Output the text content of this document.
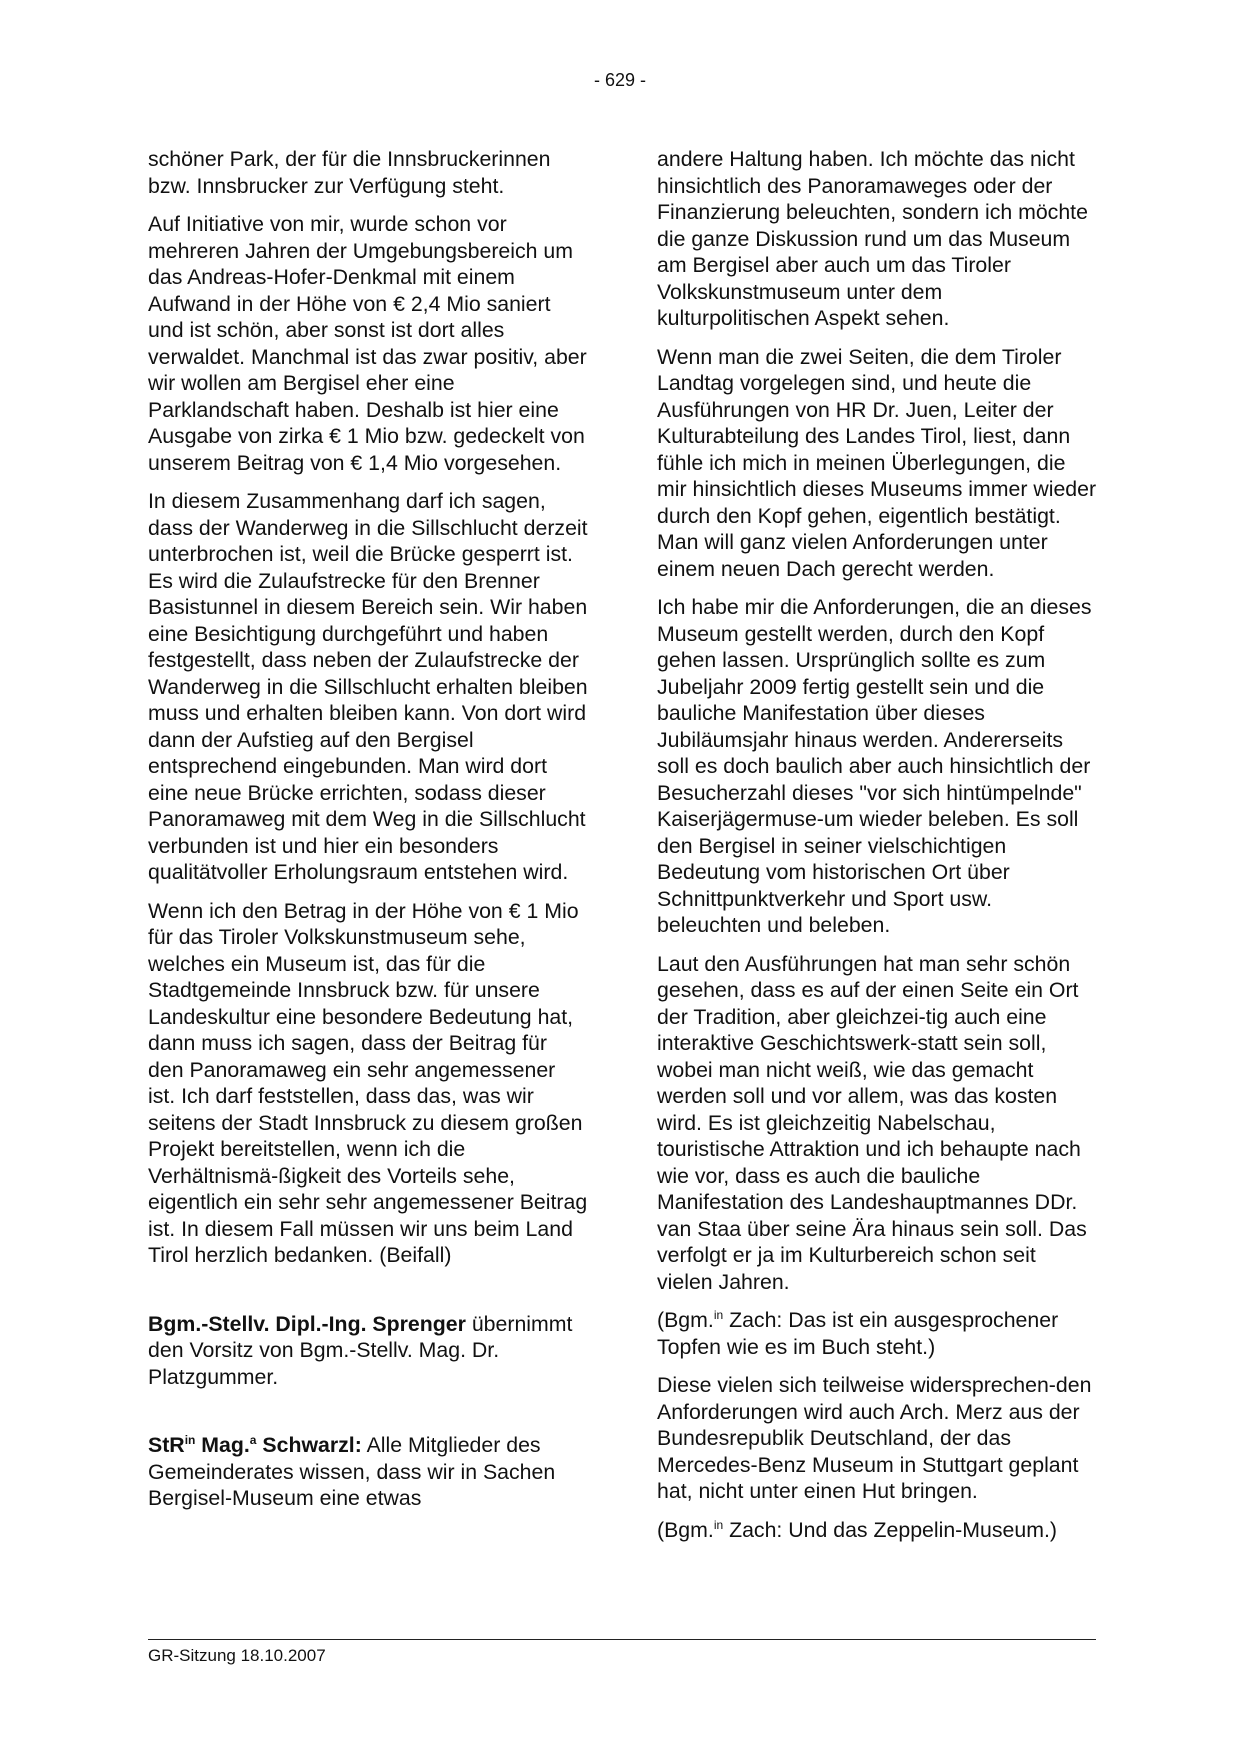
- 629 -

schöner Park, der für die Innsbruckerinnen bzw. Innsbrucker zur Verfügung steht.

Auf Initiative von mir, wurde schon vor mehreren Jahren der Umgebungsbereich um das Andreas-Hofer-Denkmal mit einem Aufwand in der Höhe von € 2,4 Mio saniert und ist schön, aber sonst ist dort alles verwaldet. Manchmal ist das zwar positiv, aber wir wollen am Bergisel eher eine Parklandschaft haben. Deshalb ist hier eine Ausgabe von zirka € 1 Mio bzw. gedeckelt von unserem Beitrag von € 1,4 Mio vorgesehen.

In diesem Zusammenhang darf ich sagen, dass der Wanderweg in die Sillschlucht derzeit unterbrochen ist, weil die Brücke gesperrt ist. Es wird die Zulaufstrecke für den Brenner Basistunnel in diesem Bereich sein. Wir haben eine Besichtigung durchgeführt und haben festgestellt, dass neben der Zulaufstrecke der Wanderweg in die Sillschlucht erhalten bleiben muss und erhalten bleiben kann. Von dort wird dann der Aufstieg auf den Bergisel entsprechend eingebunden. Man wird dort eine neue Brücke errichten, sodass dieser Panoramaweg mit dem Weg in die Sillschlucht verbunden ist und hier ein besonders qualitätvoller Erholungsraum entstehen wird.

Wenn ich den Betrag in der Höhe von € 1 Mio für das Tiroler Volkskunstmuseum sehe, welches ein Museum ist, das für die Stadtgemeinde Innsbruck bzw. für unsere Landeskultur eine besondere Bedeutung hat, dann muss ich sagen, dass der Beitrag für den Panoramaweg ein sehr angemessener ist. Ich darf feststellen, dass das, was wir seitens der Stadt Innsbruck zu diesem großen Projekt bereitstellen, wenn ich die Verhältnismä-ßigkeit des Vorteils sehe, eigentlich ein sehr sehr angemessener Beitrag ist. In diesem Fall müssen wir uns beim Land Tirol herzlich bedanken. (Beifall)

Bgm.-Stellv. Dipl.-Ing. Sprenger übernimmt den Vorsitz von Bgm.-Stellv. Mag. Dr. Platzgummer.

StR$^{in}$ Mag.$^a$ Schwarzl: Alle Mitglieder des Gemeinderates wissen, dass wir in Sachen Bergisel-Museum eine etwas

andere Haltung haben. Ich möchte das nicht hinsichtlich des Panoramaweges oder der Finanzierung beleuchten, sondern ich möchte die ganze Diskussion rund um das Museum am Bergisel aber auch um das Tiroler Volkskunstmuseum unter dem kulturpolitischen Aspekt sehen.

Wenn man die zwei Seiten, die dem Tiroler Landtag vorgelegen sind, und heute die Ausführungen von HR Dr. Juen, Leiter der Kulturabteilung des Landes Tirol, liest, dann fühle ich mich in meinen Überlegungen, die mir hinsichtlich dieses Museums immer wieder durch den Kopf gehen, eigentlich bestätigt. Man will ganz vielen Anforderungen unter einem neuen Dach gerecht werden.

Ich habe mir die Anforderungen, die an dieses Museum gestellt werden, durch den Kopf gehen lassen. Ursprünglich sollte es zum Jubeljahr 2009 fertig gestellt sein und die bauliche Manifestation über dieses Jubiläumsjahr hinaus werden. Andererseits soll es doch baulich aber auch hinsichtlich der Besucherzahl dieses "vor sich hintümpelnde" Kaiserjägermuse-um wieder beleben. Es soll den Bergisel in seiner vielschichtigen Bedeutung vom historischen Ort über Schnittpunktverkehr und Sport usw. beleuchten und beleben.

Laut den Ausführungen hat man sehr schön gesehen, dass es auf der einen Seite ein Ort der Tradition, aber gleichzei-tig auch eine interaktive Geschichtswerk-statt sein soll, wobei man nicht weiß, wie das gemacht werden soll und vor allem, was das kosten wird. Es ist gleichzeitig Nabelschau, touristische Attraktion und ich behaupte nach wie vor, dass es auch die bauliche Manifestation des Landeshauptmannes DDr. van Staa über seine Ära hinaus sein soll. Das verfolgt er ja im Kulturbereich schon seit vielen Jahren.

(Bgm.$^{in}$ Zach: Das ist ein ausgesprochener Topfen wie es im Buch steht.)

Diese vielen sich teilweise widersprechen-den Anforderungen wird auch Arch. Merz aus der Bundesrepublik Deutschland, der das Mercedes-Benz Museum in Stuttgart geplant hat, nicht unter einen Hut bringen.

(Bgm.$^{in}$ Zach: Und das Zeppelin-Museum.)

GR-Sitzung 18.10.2007
